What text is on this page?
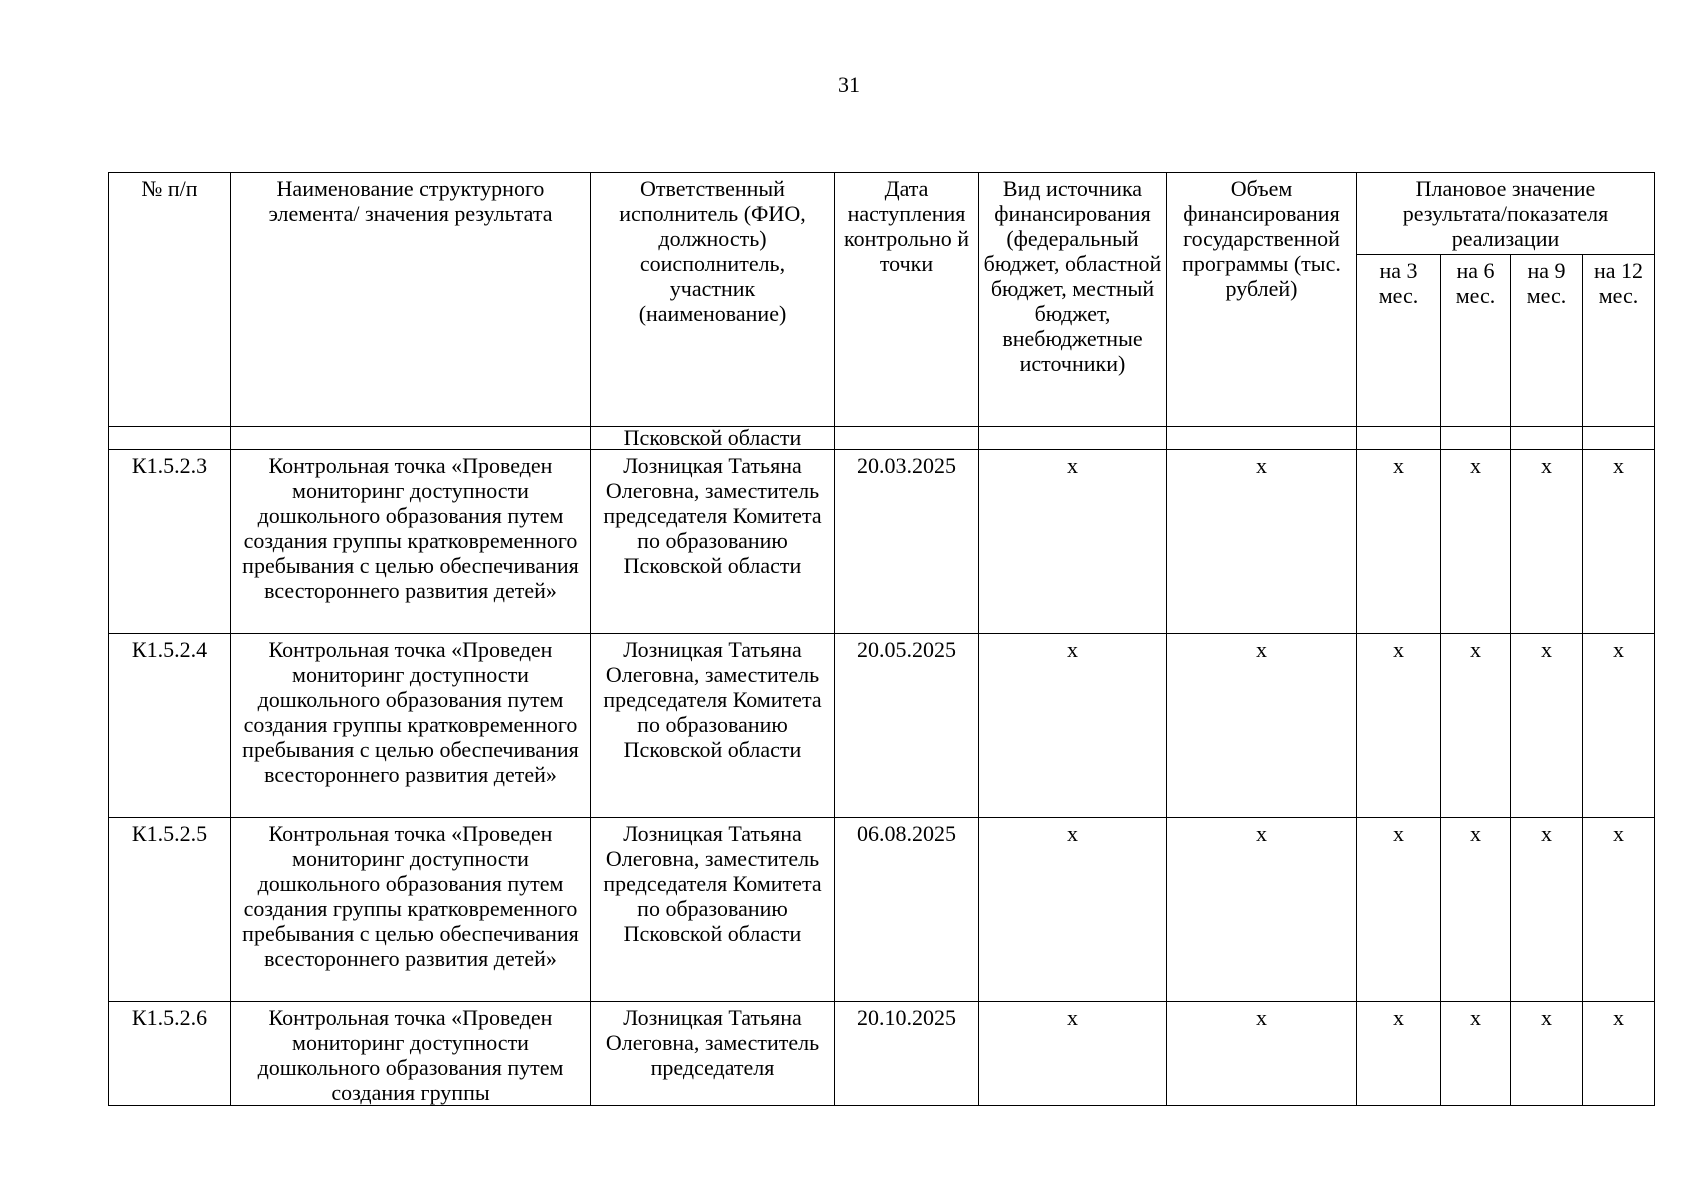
31
№ п/п	Наименование структурного элемента/ значения результата	Ответственный исполнитель (ФИО, должность) соисполнитель, участник (наименование)	Дата наступления контрольно й точки	Вид источника финансирования (федеральный бюджет, областной бюджет, местный бюджет, внебюджетные источники)	Объем финансирования государственной программы (тыс. рублей)	Плановое значение результата/показателя реализации			
						на 3 мес.	на 6 мес.	на 9 мес.	на 12 мес.
		Псковской области							
К1.5.2.3	Контрольная точка «Проведен мониторинг доступности дошкольного образования путем создания группы кратковременного пребывания с целью обеспечивания всестороннего развития детей»	Лозницкая Татьяна Олеговна, заместитель председателя Комитета по образованию Псковской области	20.03.2025	x	x	x	x	x	x
К1.5.2.4	Контрольная точка «Проведен мониторинг доступности дошкольного образования путем создания группы кратковременного пребывания с целью обеспечивания всестороннего развития детей»	Лозницкая Татьяна Олеговна, заместитель председателя Комитета по образованию Псковской области	20.05.2025	x	x	x	x	x	x
К1.5.2.5	Контрольная точка «Проведен мониторинг доступности дошкольного образования путем создания группы кратковременного пребывания с целью обеспечивания всестороннего развития детей»	Лозницкая Татьяна Олеговна, заместитель председателя Комитета по образованию Псковской области	06.08.2025	x	x	x	x	x	x
К1.5.2.6	Контрольная точка «Проведен мониторинг доступности дошкольного образования путем создания группы	Лозницкая Татьяна Олеговна, заместитель председателя	20.10.2025	x	x	x	x	x	x
